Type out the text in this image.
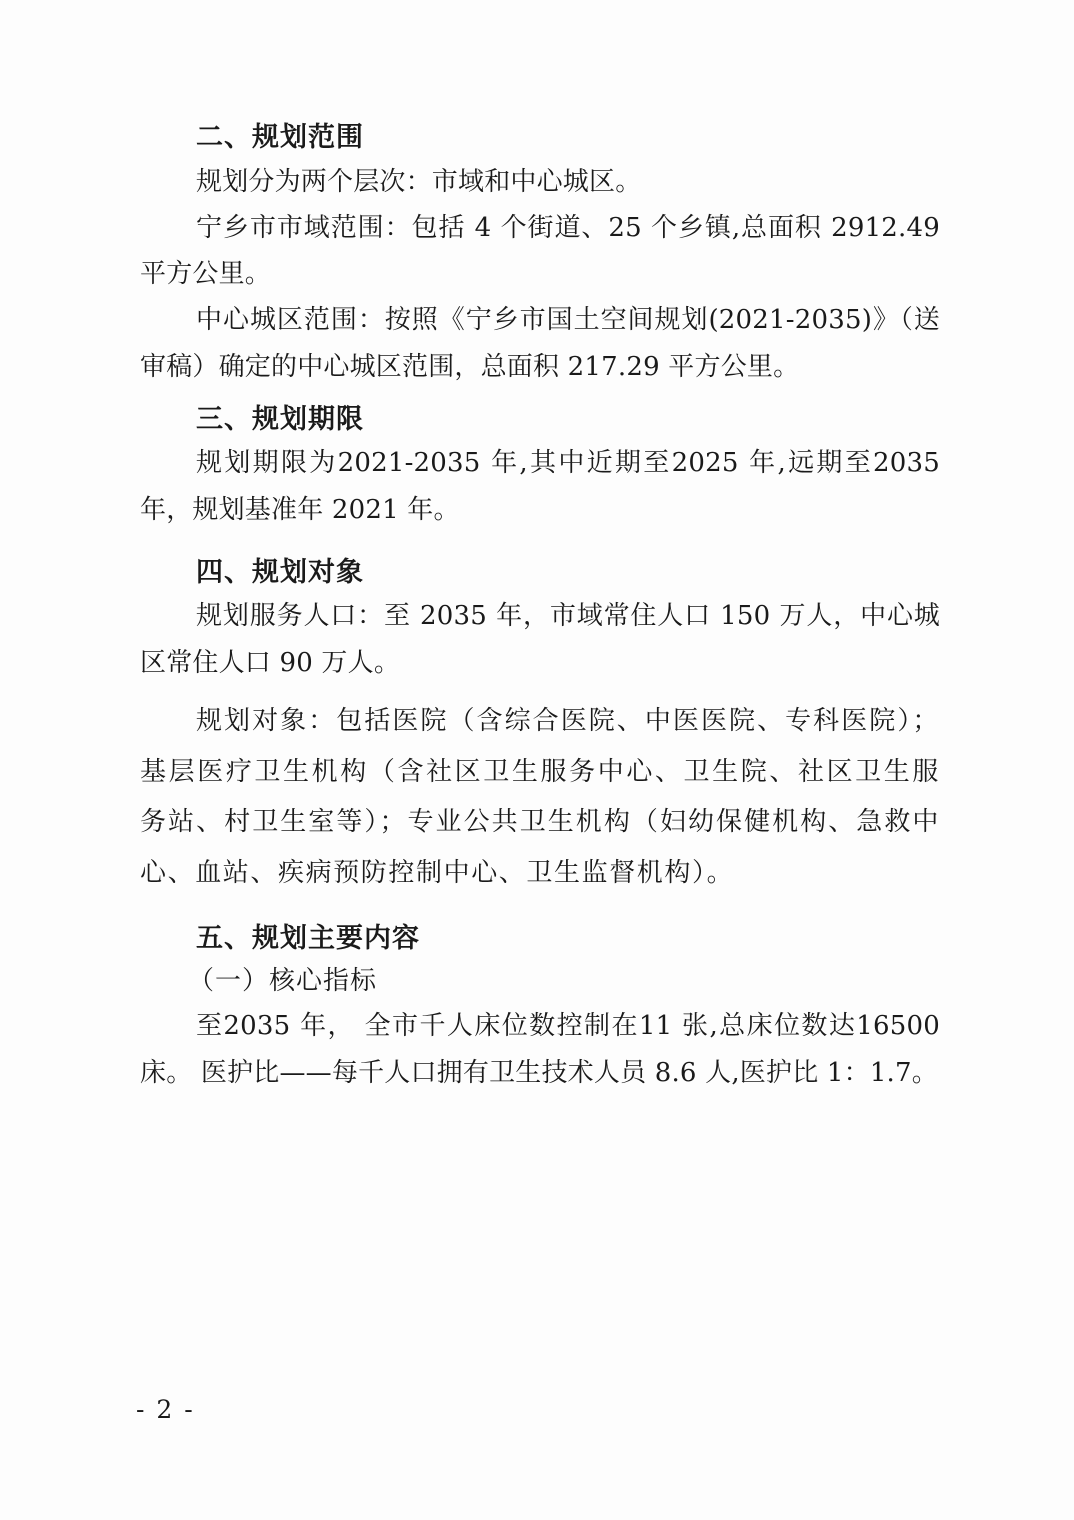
二、规划范围

规划分为两个层次：市域和中心城区。

宁乡市市域范围：包括 4 个街道、25 个乡镇,总面积 2912.49 平方公里。

中心城区范围：按照《宁乡市国土空间规划(2021-2035)》（送审稿）确定的中心城区范围，总面积 217.29 平方公里。

三、规划期限

规划期限为2021-2035 年,其中近期至2025 年,远期至2035 年，规划基准年 2021 年。

四、规划对象

规划服务人口：至 2035 年，市域常住人口 150 万人，中心城区常住人口 90 万人。

规划对象：包括医院（含综合医院、中医医院、专科医院）；基层医疗卫生机构（含社区卫生服务中心、卫生院、社区卫生服务站、村卫生室等）；专业公共卫生机构（妇幼保健机构、急救中心、血站、疾病预防控制中心、卫生监督机构）。

五、规划主要内容

（一）核心指标

至2035 年， 全市千人床位数控制在11 张,总床位数达16500 床。 医护比——每千人口拥有卫生技术人员 8.6 人,医护比 1：1.7。

- 2 -
